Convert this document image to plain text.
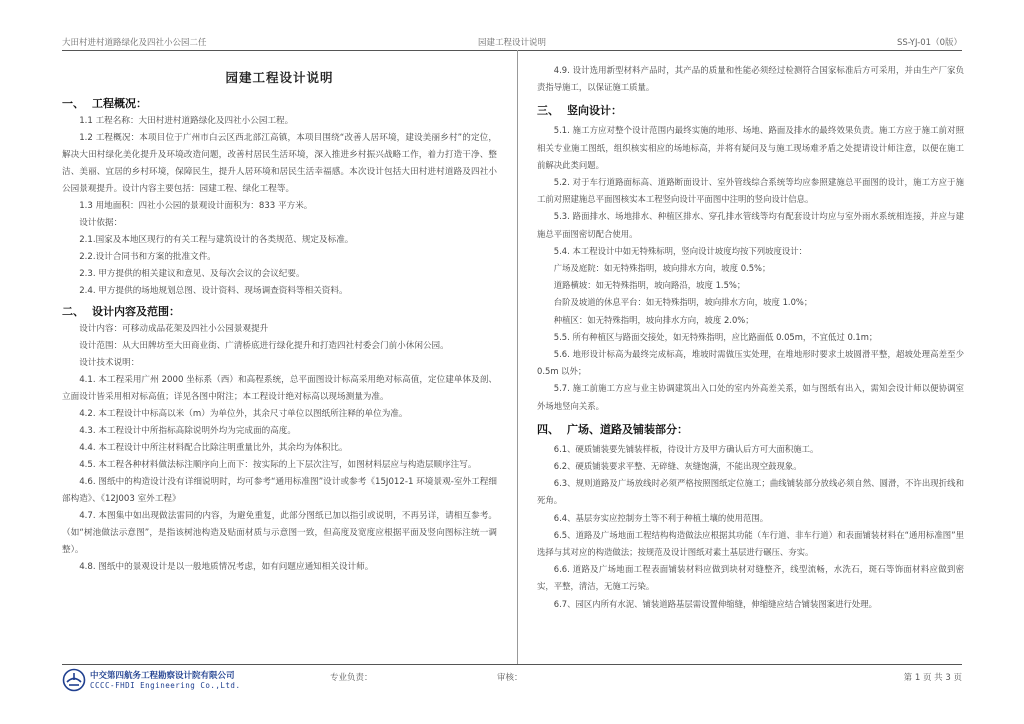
大田村进村道路绿化及四社小公园二任	园建工程设计说明	SS-YJ-01（0版）
园建工程设计说明
一、 工程概况：

1.1 工程名称：大田村进村道路绿化及四社小公园工程。

1.2 工程概况：本项目位于广州市白云区西北部江高镇，本项目围绕“改善人居环境，建设美丽乡村”的定位，解决大田村绿化美化提升及环境改造问题，改善村居民生活环境，深入推进乡村振兴战略工作，着力打造干净、整洁、美丽、宜居的乡村环境，保障民生，提升人居环境和居民生活幸福感。本次设计包括大田村进村道路及四社小公园景观提升。设计内容主要包括：园建工程、绿化工程等。

1.3 用地面积：四社小公园的景观设计面积为：833 平方米。

设计依据：

2.1.国家及本地区现行的有关工程与建筑设计的各类规范、规定及标准。

2.2.设计合同书和方案的批准文件。

2.3. 甲方提供的相关建议和意见、及每次会议的会议纪要。

2.4. 甲方提供的场地规划总图、设计资料、现场调查资料等相关资料。

二、 设计内容及范围：

设计内容：可移动成品花架及四社小公园景观提升

设计范围：从大田牌坊至大田商业街、广清桥底进行绿化提升和打造四社村委会门前小休闲公园。

设计技术说明：

4.1. 本工程采用广州 2000 坐标系（西）和高程系统，总平面图设计标高采用绝对标高值，定位建单体及剖、立面设计皆采用相对标高值；详见各图中附注；本工程设计绝对标高以现场测量为准。

4.2. 本工程设计中标高以米（m）为单位外，其余尺寸单位以图纸所注释的单位为准。

4.3. 本工程设计中所指标高除说明外均为完成面的高度。

4.4. 本工程设计中所注材料配合比除注明重量比外，其余均为体积比。

4.5. 本工程各种材料做法标注顺序向上而下：按实际的上下层次注写，如图材料层应与构造层顺序注写。

4.6. 图纸中的构造设计没有详细说明时，均可参考“通用标准图”设计或参考《15J012-1 环境景观-室外工程细部构造》、《12J003 室外工程》

4.7. 本图集中如出现做法雷同的内容，为避免重复，此部分图纸已加以指引或说明，不再另详，请相互参考。（如“树池做法示意图”，是指该树池构造及贴面材质与示意图一致，但高度及宽度应根据平面及竖向图标注统一调整）。

4.8. 图纸中的景观设计是以一般地质情况考虑，如有问题应通知相关设计师。

4.9. 设计选用新型材料产品时，其产品的质量和性能必须经过检测符合国家标准后方可采用，并由生产厂家负责指导施工，以保证施工质量。

三、 竖向设计：

5.1. 施工方应对整个设计范围内最终实施的地形、场地、路面及排水的最终效果负责。施工方应于施工前对照相关专业施工图纸，组织核实相应的场地标高，并将有疑问及与施工现场难矛盾之处提请设计师注意，以便在施工前解决此类问题。

5.2. 对于车行道路面标高、道路断面设计、室外管线综合系统等均应参照建施总平面图的设计，施工方应于施工前对照建施总平面图核实本工程竖向设计平面图中注明的竖向设计信息。

5.3. 路面排水、场地排水、种植区排水、穿孔排水管线等均有配套设计均应与室外雨水系统相连接，并应与建施总平面图密切配合使用。

5.4. 本工程设计中如无特殊标明，竖向设计坡度均按下列坡度设计：

广场及庭院：如无特殊指明，坡向排水方向，坡度 0.5%；

道路横坡：如无特殊指明，坡向路沿，坡度 1.5%；

台阶及坡道的休息平台：如无特殊指明，坡向排水方向，坡度 1.0%；

种植区：如无特殊指明，坡向排水方向，坡度 2.0%；

5.5. 所有种植区与路面交接处，如无特殊指明，应比路面低 0.05m，不宜低过 0.1m；

5.6. 地形设计标高为最终完成标高，堆坡时需做压实处理，在堆地形时要求土坡圆滑平整，超坡处理高差至少 0.5m 以外；

5.7. 施工前施工方应与业主协调建筑出入口处的室内外高差关系，如与图纸有出入，需知会设计师以便协调室外场地竖向关系。

四、 广场、道路及铺装部分：

6.1、硬质铺装要先铺装样板，待设计方及甲方确认后方可大面积施工。

6.2、硬质铺装要求平整、无碎缝、灰缝饱满，不能出现空鼓现象。

6.3、规则道路及广场放线时必须严格按照图纸定位施工；曲线铺装部分放线必须自然、圆滑，不许出现折线和死角。

6.4、基层夯实应控制夯土等不利于种植土壤的使用范围。

6.5、道路及广场地面工程结构构造做法应根据其功能（车行道、非车行道）和表面铺装材料在“通用标准图”里选择与其对应的构造做法；按规范及设计图纸对素土基层进行碾压、夯实。

6.6. 道路及广场地面工程表面铺装材料应做到块材对缝整齐，线型流畅，水洗石，斑石等饰面材料应做到密实，平整，清洁，无施工污染。

6.7、园区内所有水泥、铺装道路基层需设置伸缩缝，伸缩缝应结合铺装图案进行处理。

中交第四航务工程勘察设计院有限公司
CCCC-FHDI Engineering Co.,Ltd.
专业负责：	审核：	第 1 页 共 3 页
